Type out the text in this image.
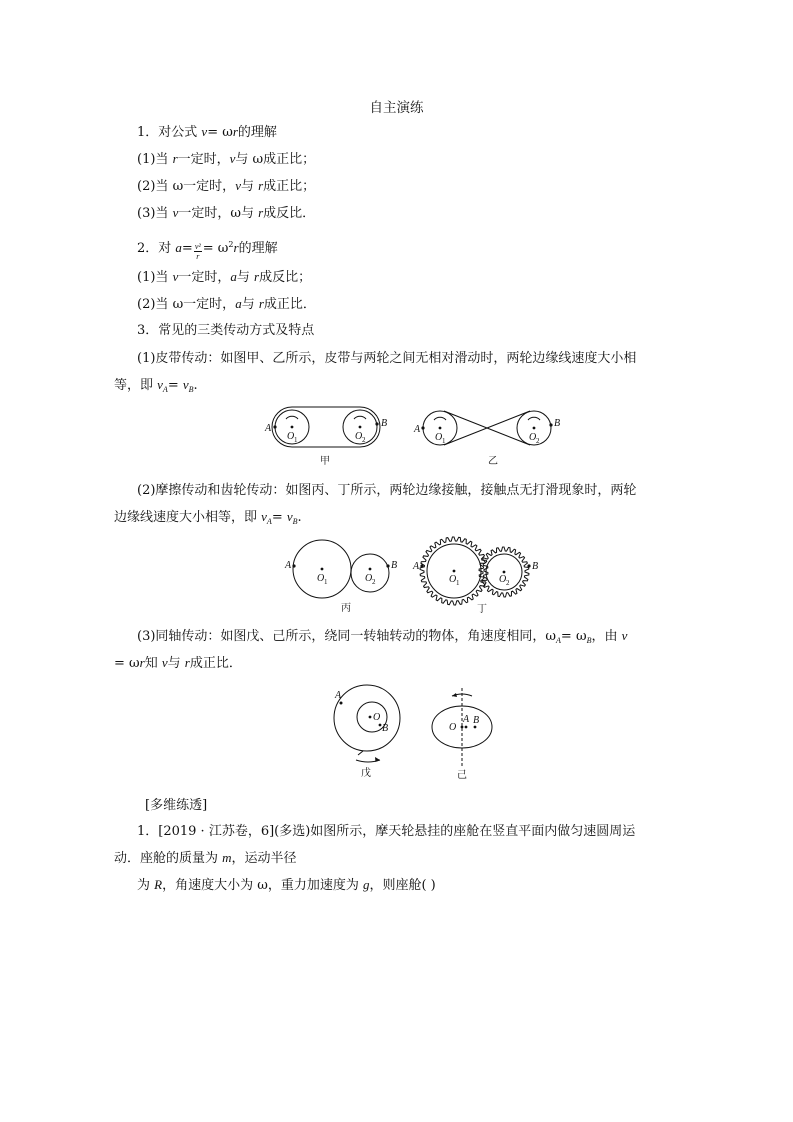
自主演练
1．对公式 v= ωr的理解
(1)当 r一定时，v与 ω成正比；
(2)当 ω一定时，v与 r成正比；
(3)当 v一定时，ω与 r成反比．
2．对 $a= \frac{\text{v²}}{r} = \omega^2r$的理解
(1)当 v一定时，a与 r成反比；
(2)当 ω一定时，a与 r成正比．
3．常见的三类传动方式及特点
(1)皮带传动：如图甲、乙所示，皮带与两轮之间无相对滑动时，两轮边缘线速度大小相
等，即 $v_A= v_B$.
A	B
O 1	O 2
甲
A
B
O 1	O 2
乙
(2)摩擦传动和齿轮传动：如图丙、丁所示，两轮边缘接触，接触点无打滑现象时，两轮
边缘线速度大小相等，即 $v_A= v_B$.
A	B
O 1	O 2
丙
A	B
O 1	O 2
丁
(3)同轴传动：如图戊、己所示，绕同一转轴转动的物体，角速度相同，$\omega_A= \omega_B$，由 v
= ωr知 v与 r成正比．
A
O
B
戊
O
A B
己
[多维练透]
1．[2019 · 江苏卷，6](多选)如图所示，摩天轮悬挂的座舱在竖直平面内做匀速圆周运
动．座舱的质量为 m，运动半径
为 R，角速度大小为 ω，重力加速度为 g，则座舱( )
